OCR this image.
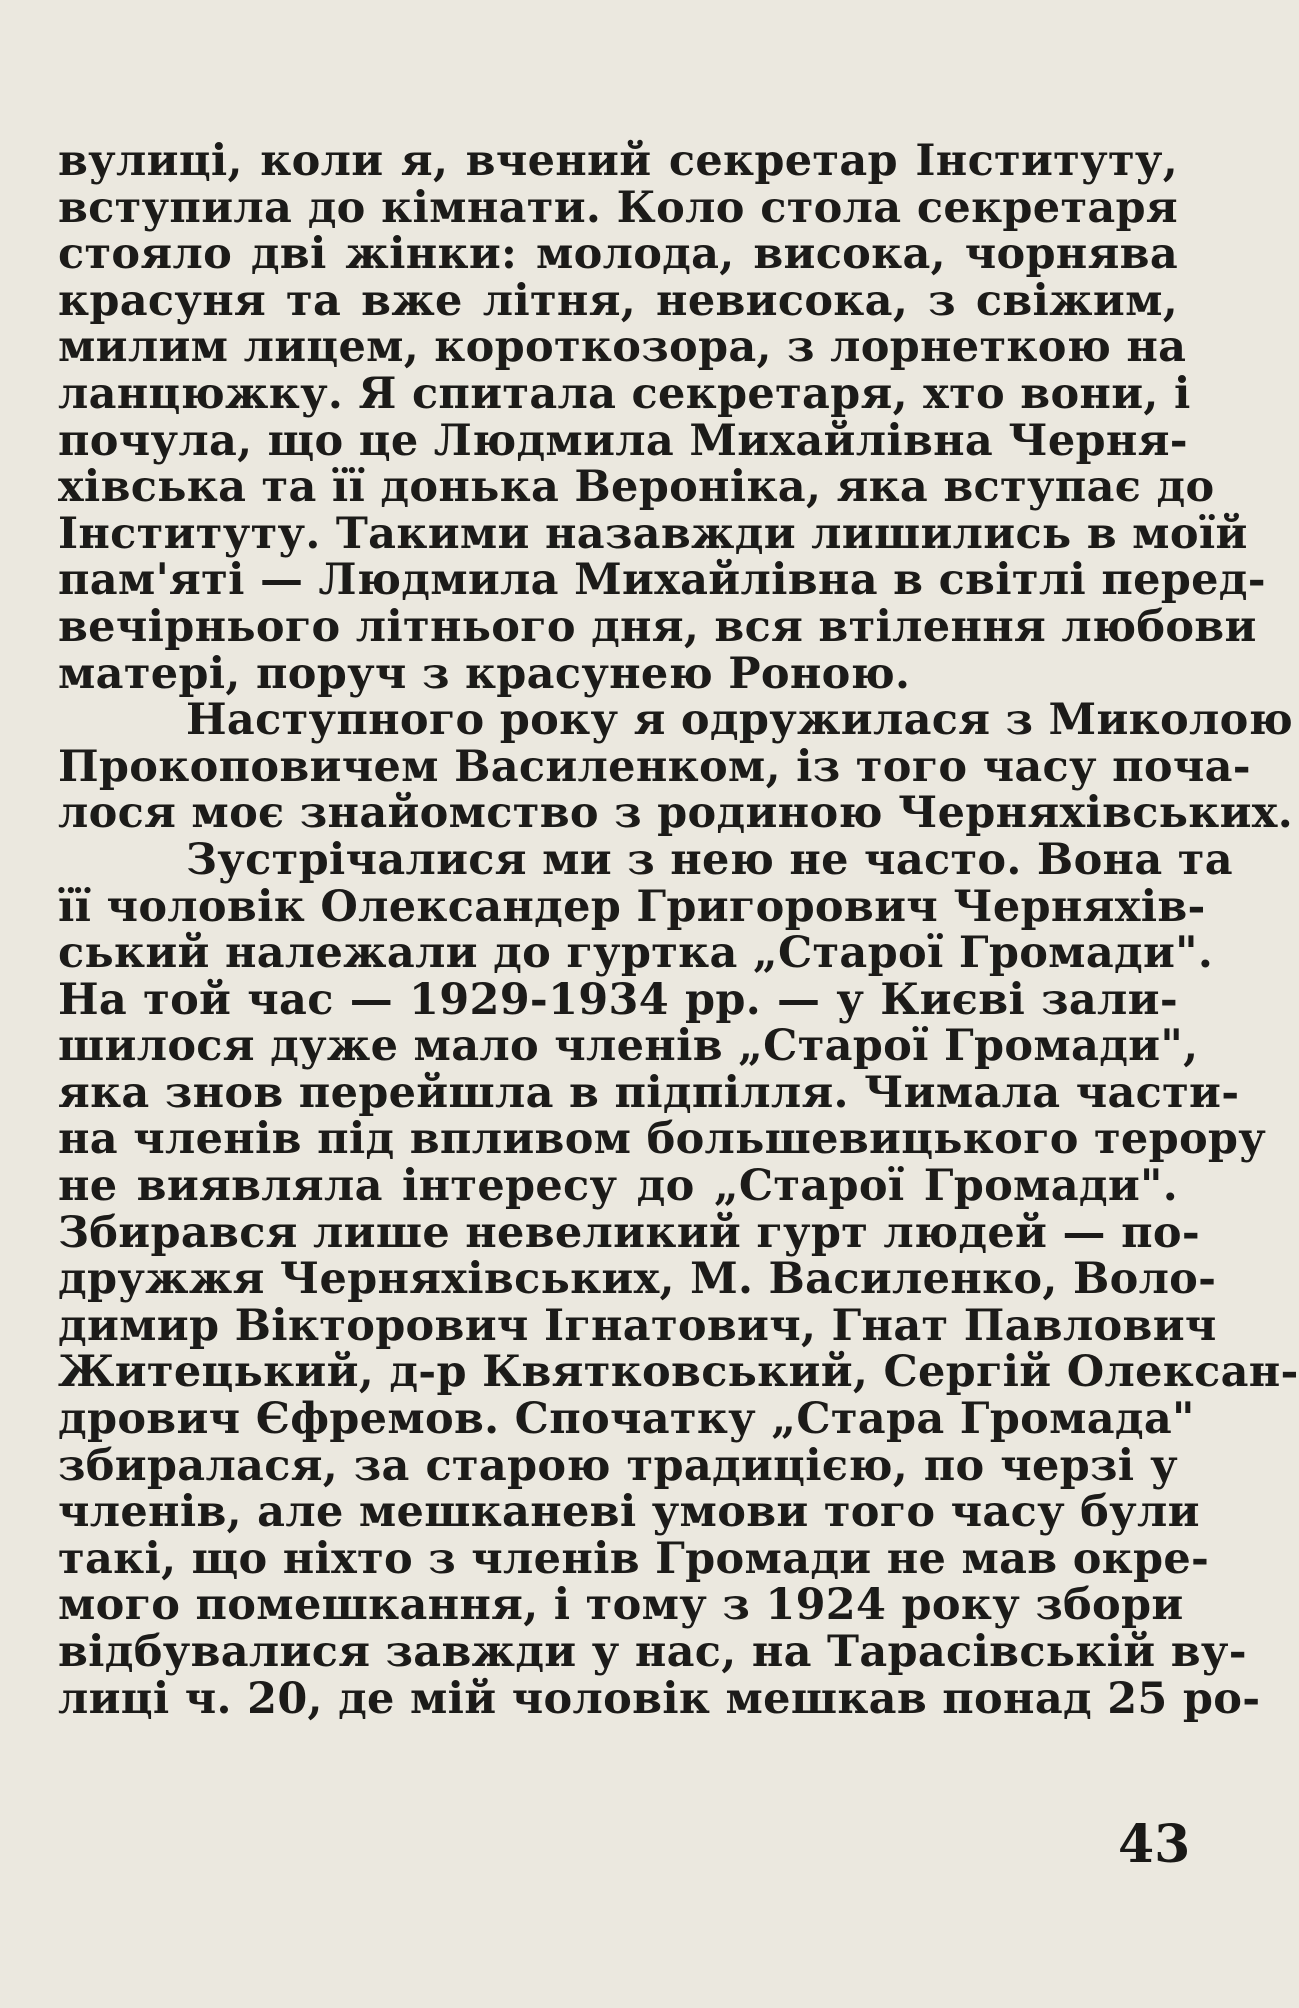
вулиці, коли я, вчений секретар Інституту,
вступила до кімнати. Коло стола секретаря
стояло дві жінки: молода, висока, чорнява
красуня та вже літня, невисока, з свіжим,
милим лицем, короткозора, з лорнеткою на
ланцюжку. Я спитала секретаря, хто вони, і
почула, що це Людмила Михайлівна Черня-
хівська та її донька Вероніка, яка вступає до
Інституту. Такими назавжди лишились в моїй
пам'яті — Людмила Михайлівна в світлі перед-
вечірнього літнього дня, вся втілення любови
матері, поруч з красунею Роною.
Наступного року я одружилася з Миколою
Прокоповичем Василенком, із того часу поча-
лося моє знайомство з родиною Черняхівських.
Зустрічалися ми з нею не часто. Вона та
її чоловік Олександер Григорович Черняхів-
ський належали до гуртка „Старої Громади".
На той час — 1929-1934 рр. — у Києві зали-
шилося дуже мало членів „Старої Громади",
яка знов перейшла в підпілля. Чимала части-
на членів під впливом большевицького терору
не виявляла інтересу до „Старої Громади".
Збирався лише невеликий гурт людей — по-
дружжя Черняхівських, М. Василенко, Воло-
димир Вікторович Ігнатович, Гнат Павлович
Житецький, д-р Квятковський, Сергій Олексан-
дрович Єфремов. Спочатку „Стара Громада"
збиралася, за старою традицією, по черзі у
членів, але мешканеві умови того часу були
такі, що ніхто з членів Громади не мав окре-
мого помешкання, і тому з 1924 року збори
відбувалися завжди у нас, на Тарасівській ву-
лиці ч. 20, де мій чоловік мешкав понад 25 ро-
43
